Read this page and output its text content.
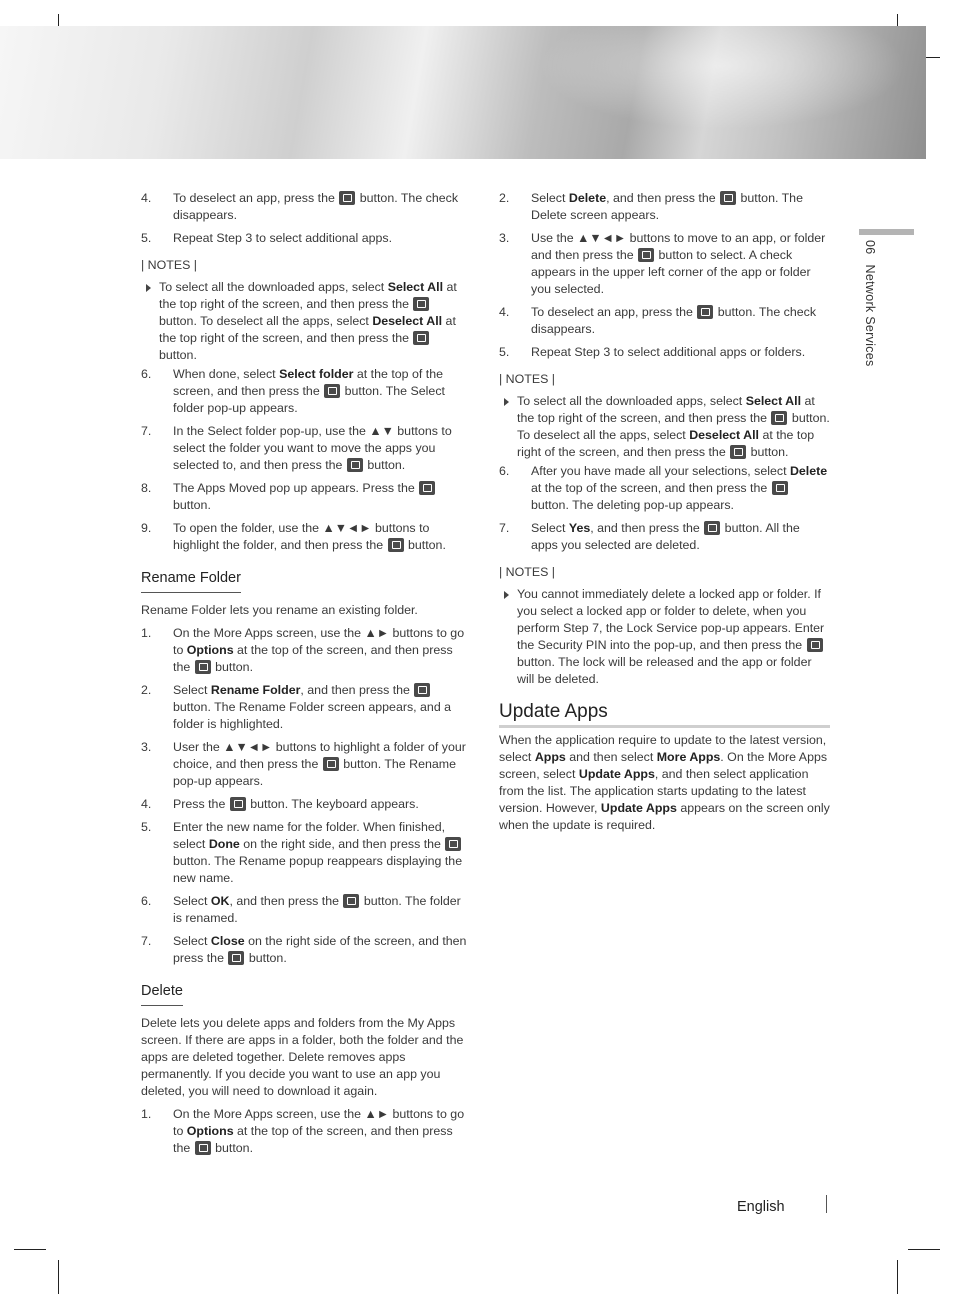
06Network Services
4. To deselect an app, press the  button. The check disappears.
5. Repeat Step 3 to select additional apps.
| NOTES |
To select all the downloaded apps, select Select All at the top right of the screen, and then press the  button. To deselect all the apps, select Deselect All at the top right of the screen, and then press the  button.
6. When done, select Select folder at the top of the screen, and then press the  button. The Select folder pop-up appears.
7. In the Select folder pop-up, use the ▲▼ buttons to select the folder you want to move the apps you selected to, and then press the  button.
8. The Apps Moved pop up appears. Press the  button.
9. To open the folder, use the ▲▼◄► buttons to highlight the folder, and then press the  button.
Rename Folder
Rename Folder lets you rename an existing folder.
1. On the More Apps screen, use the ▲► buttons to go to Options at the top of the screen, and then press the  button.
2. Select Rename Folder, and then press the  button. The Rename Folder screen appears, and a folder is highlighted.
3. User the ▲▼◄► buttons to highlight a folder of your choice, and then press the  button. The Rename pop-up appears.
4. Press the  button. The keyboard appears.
5. Enter the new name for the folder. When finished, select Done on the right side, and then press the  button. The Rename popup reappears displaying the new name.
6. Select OK, and then press the  button. The folder is renamed.
7. Select Close on the right side of the screen, and then press the  button.
Delete
Delete lets you delete apps and folders from the My Apps screen. If there are apps in a folder, both the folder and the apps are deleted together. Delete removes apps permanently. If you decide you want to use an app you deleted, you will need to download it again.
1. On the More Apps screen, use the ▲► buttons to go to Options at the top of the screen, and then press the  button.
2. Select Delete, and then press the  button. The Delete screen appears.
3. Use the ▲▼◄► buttons to move to an app, or folder and then press the  button to select. A check appears in the upper left corner of the app or folder you selected.
4. To deselect an app, press the  button. The check disappears.
5. Repeat Step 3 to select additional apps or folders.
| NOTES |
To select all the downloaded apps, select Select All at the top right of the screen, and then press the  button. To deselect all the apps, select Deselect All at the top right of the screen, and then press the  button.
6. After you have made all your selections, select Delete at the top of the screen, and then press the  button. The deleting pop-up appears.
7. Select Yes, and then press the  button. All the apps you selected are deleted.
| NOTES |
You cannot immediately delete a locked app or folder. If you select a locked app or folder to delete, when you perform Step 7, the Lock Service pop-up appears. Enter the Security PIN into the pop-up, and then press the  button. The lock will be released and the app or folder will be deleted.
Update Apps
When the application require to update to the latest version, select Apps and then select More Apps. On the More Apps screen, select Update Apps, and then select application from the list. The application starts updating to the latest version. However, Update Apps appears on the screen only when the update is required.
English
